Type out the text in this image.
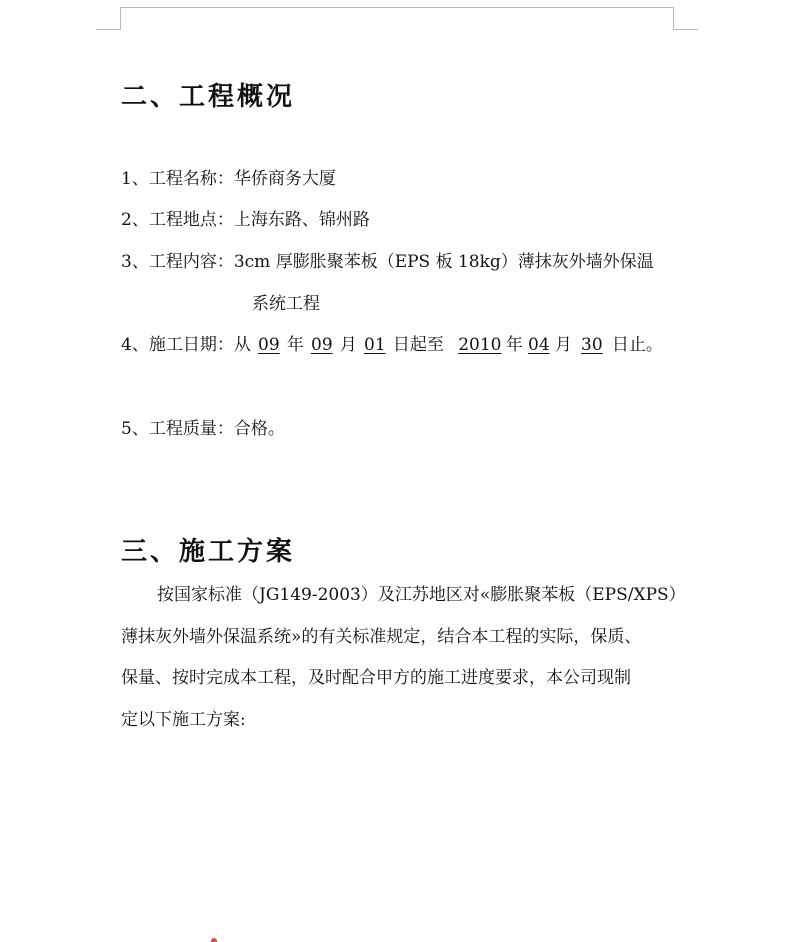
二、工程概况
1、工程名称：华侨商务大厦
2、工程地点：上海东路、锦州路
3、工程内容：3cm 厚膨胀聚苯板（EPS 板 18kg）薄抹灰外墙外保温
系统工程
4、施工日期：从 09 年 09 月 01 日起至 2010 年 04 月 30 日止。
5、工程质量：合格。
三、施工方案
按国家标准（JG149-2003）及江苏地区对«膨胀聚苯板（EPS/XPS）
薄抹灰外墙外保温系统»的有关标准规定，结合本工程的实际，保质、
保量、按时完成本工程，及时配合甲方的施工进度要求，本公司现制
定以下施工方案:
